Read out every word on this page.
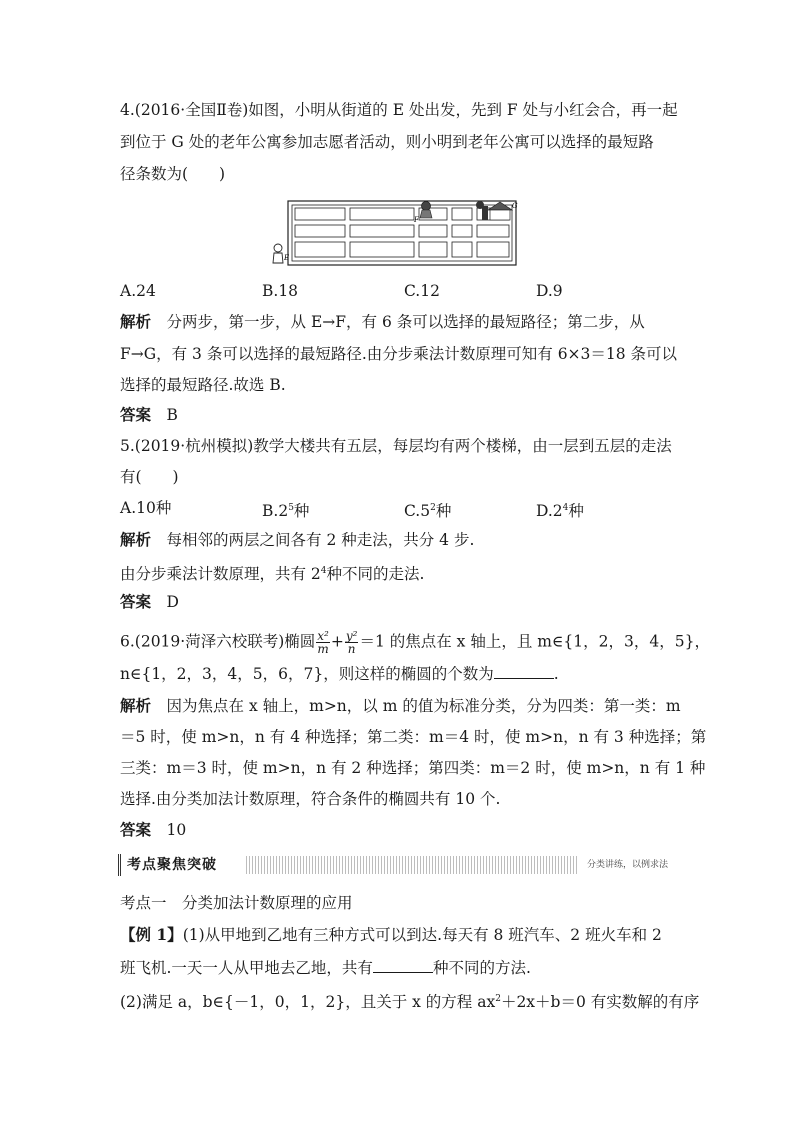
4.(2016·全国Ⅱ卷)如图，小明从街道的 E 处出发，先到 F 处与小红会合，再一起
到位于 G 处的老年公寓参加志愿者活动，则小明到老年公寓可以选择的最短路
径条数为(　　)
E
F
G
A.24	B.18	C.12	D.9
解析　 分两步，第一步，从 E→F，有 6 条可以选择的最短路径；第二步，从
F→G，有 3 条可以选择的最短路径.由分步乘法计数原理可知有 6×3＝18 条可以
选择的最短路径.故选 B.
答案　 B
5.(2019·杭州模拟)教学大楼共有五层，每层均有两个楼梯，由一层到五层的走法
有(　　)
A.10种	$B.2^5$种	$C.5^2$种	$D.2^4$种
解析　 每相邻的两层之间各有 2 种走法，共分 4 步.
由分步乘法计数原理，共有 $2^4$种不同的走法.
答案　 D
6.(2019·菏泽六校联考)椭圆 $\frac{\text{x²}}{m} + \frac{\text{y²}}{n} =1$ 的焦点在 x 轴上，且 m∈{1，2，3，4，5}，
n∈{1，2，3，4，5，6，7}，则这样的椭圆的个数为	.
解析　 因为焦点在 x 轴上，m>n，以 m 的值为标准分类，分为四类：第一类：m
＝5 时，使 m>n，n 有 4 种选择；第二类：m＝4 时，使 m>n，n 有 3 种选择；第
三类：m＝3 时，使 m>n，n 有 2 种选择；第四类：m＝2 时，使 m>n，n 有 1 种
选择.由分类加法计数原理，符合条件的椭圆共有 10 个.
答案　 10
考点聚焦突破	分类讲练，以例求法
考点一　分类加法计数原理的应用
【例 1】(1)从甲地到乙地有三种方式可以到达.每天有 8 班汽车、2 班火车和 2
班飞机.一天一人从甲地去乙地，共有	种不同的方法.
(2)满足 a，b∈{－1，0，1，2}，且关于 x 的方程 $ax^2+2x+b=0$ 有实数解的有序
